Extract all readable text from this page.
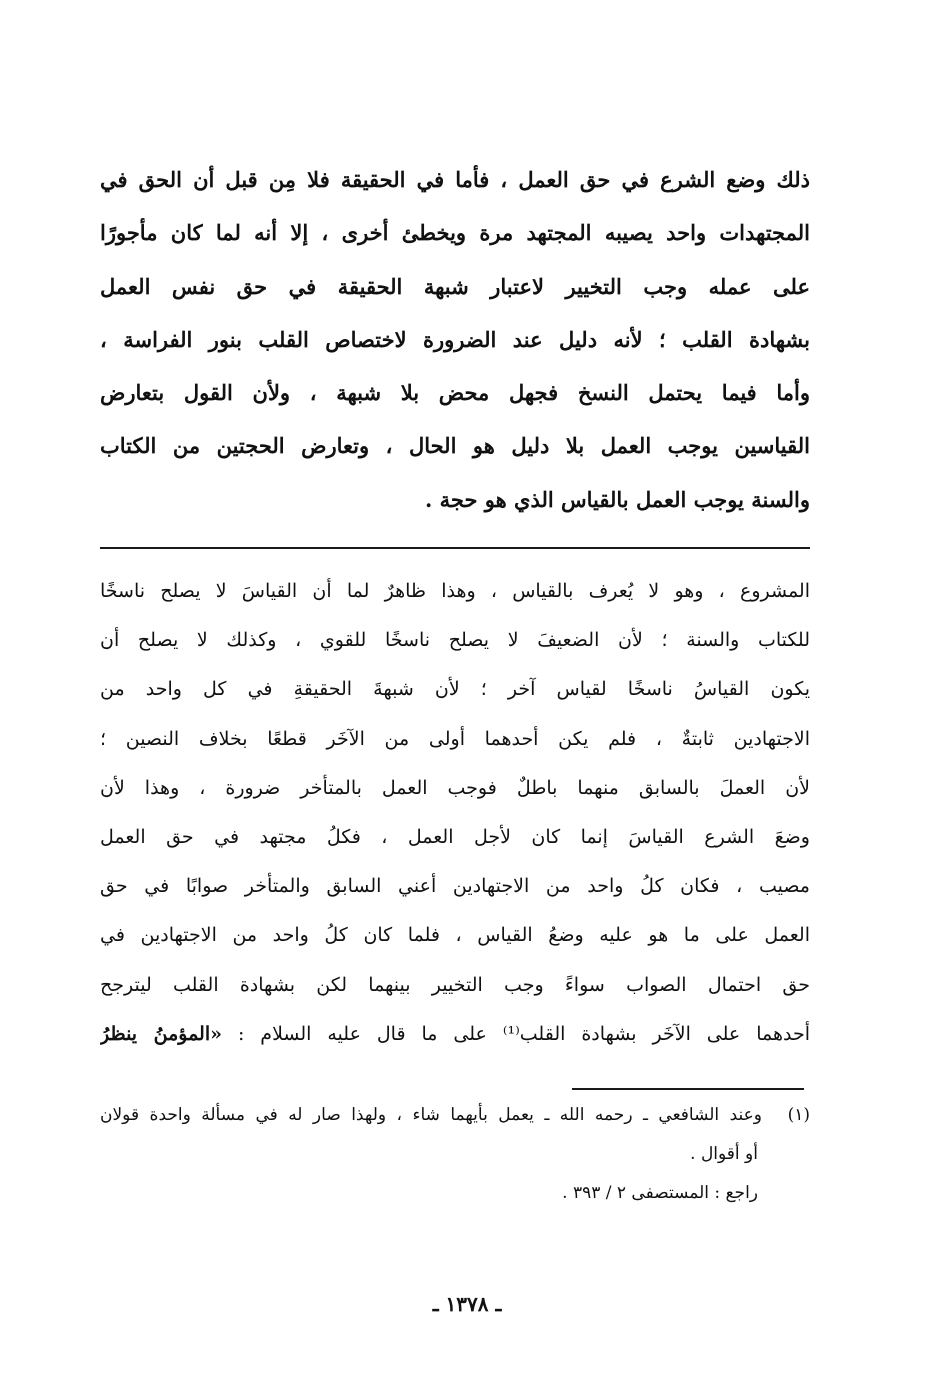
ذلك وضع الشرع في حق العمل ، فأما في الحقيقة فلا مِن قبل أن الحق في
المجتهدات واحد يصيبه المجتهد مرة ويخطئ أخرى ، إلا أنه لما كان مأجورًا
على عمله وجب التخيير لاعتبار شبهة الحقيقة في حق نفس العمل
بشهادة القلب ؛ لأنه دليل عند الضرورة لاختصاص القلب بنور الفراسة ،
وأما فيما يحتمل النسخ فجهل محض بلا شبهة ، ولأن القول بتعارض
القياسين يوجب العمل بلا دليل هو الحال ، وتعارض الحجتين من الكتاب
والسنة يوجب العمل بالقياس الذي هو حجة .
المشروع ، وهو لا يُعرف بالقياس ، وهذا ظاهرٌ لما أن القياسَ لا يصلح ناسخًا
للكتاب والسنة ؛ لأن الضعيفَ لا يصلح ناسخًا للقوي ، وكذلك لا يصلح أن
يكون القياسُ ناسخًا لقياس آخر ؛ لأن شبهةَ الحقيقةِ في كل واحد من
الاجتهادين ثابتةٌ ، فلم يكن أحدهما أولى من الآخَر قطعًا بخلاف النصين ؛
لأن العملَ بالسابق منهما باطلٌ فوجب العمل بالمتأخر ضرورة ، وهذا لأن
وضعَ الشرع القياسَ إنما كان لأجل العمل ، فكلُ مجتهد في حق العمل
مصيب ، فكان كلُ واحد من الاجتهادين أعني السابق والمتأخر صوابًا في حق
العمل على ما هو عليه وضعُ القياس ، فلما كان كلُ واحد من الاجتهادين في
حق احتمال الصواب سواءً وجب التخيير بينهما لكن بشهادة القلب ليترجح
أحدهما على الآخَر بشهادة القلب⁽¹⁾ على ما قال عليه السلام : «المؤمنُ ينظرُ
(١)وعند الشافعي ـ رحمه الله ـ يعمل بأيهما شاء ، ولهذا صار له في مسألة واحدة قولان
أو أقوال .
راجع : المستصفى ٢ / ٣٩٣ .
ـ ١٣٧٨ ـ
